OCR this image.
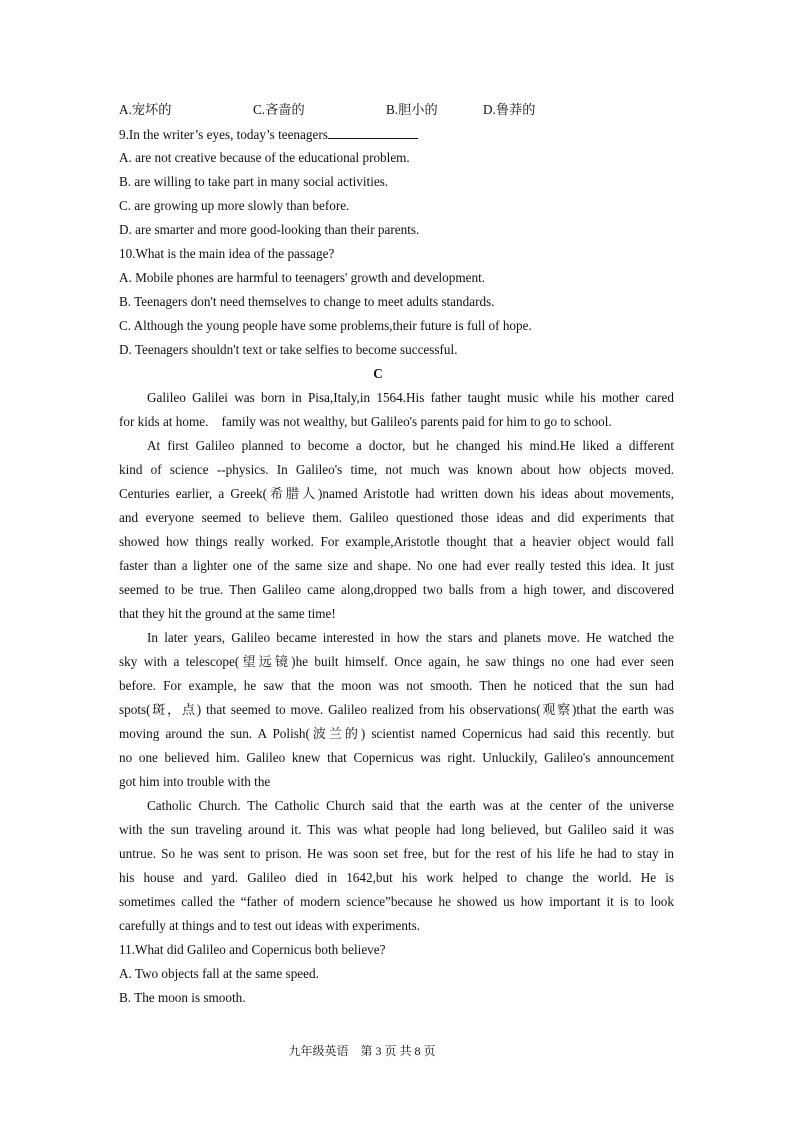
A.宠坏的	C.吝啬的	B.胆小的	D.鲁莽的
9.In the writer’s eyes, today’s teenagers
A. are not creative because of the educational problem.
B. are willing to take part in many social activities.
C. are growing up more slowly than before.
D. are smarter and more good-looking than their parents.
10.What is the main idea of the passage?
A. Mobile phones are harmful to teenagers' growth and development.
B. Teenagers don't need themselves to change to meet adults standards.
C. Although the young people have some problems,their future is full of hope.
D. Teenagers shouldn't text or take selfies to become successful.
C
Galileo Galilei was born in Pisa,Italy,in 1564.His father taught music while his mother cared
for kids at home.　family was not wealthy, but Galileo's parents paid for him to go to school.
At first Galileo planned to become a doctor, but he changed his mind.He liked a different
kind of science --physics. In Galileo's time, not much was known about how objects moved.
Centuries earlier, a Greek(希腊人)named Aristotle had written down his ideas about movements,
and everyone seemed to believe them. Galileo questioned those ideas and did experiments that
showed how things really worked. For example,Aristotle thought that a heavier object would fall
faster than a lighter one of the same size and shape. No one had ever really tested this idea. It just
seemed to be true. Then Galileo came along,dropped two balls from a high tower, and discovered
that they hit the ground at the same time!
In later years, Galileo became interested in how the stars and planets move. He watched the
sky with a telescope(望远镜)he built himself. Once again, he saw things no one had ever seen
before. For example, he saw that the moon was not smooth. Then he noticed that the sun had
spots(斑，点) that seemed to move. Galileo realized from his observations(观察)that the earth was
moving around the sun. A Polish(波兰的) scientist named Copernicus had said this recently. but
no one believed him. Galileo knew that Copernicus was right. Unluckily, Galileo's announcement
got him into trouble with the
Catholic Church. The Catholic Church said that the earth was at the center of the universe
with the sun traveling around it. This was what people had long believed, but Galileo said it was
untrue. So he was sent to prison. He was soon set free, but for the rest of his life he had to stay in
his house and yard. Galileo died in 1642,but his work helped to change the world. He is
sometimes called the “father of modern science”because he showed us how important it is to look
carefully at things and to test out ideas with experiments.
11.What did Galileo and Copernicus both believe?
A. Two objects fall at the same speed.
B. The moon is smooth.
九年级英语　第 3 页 共 8 页
